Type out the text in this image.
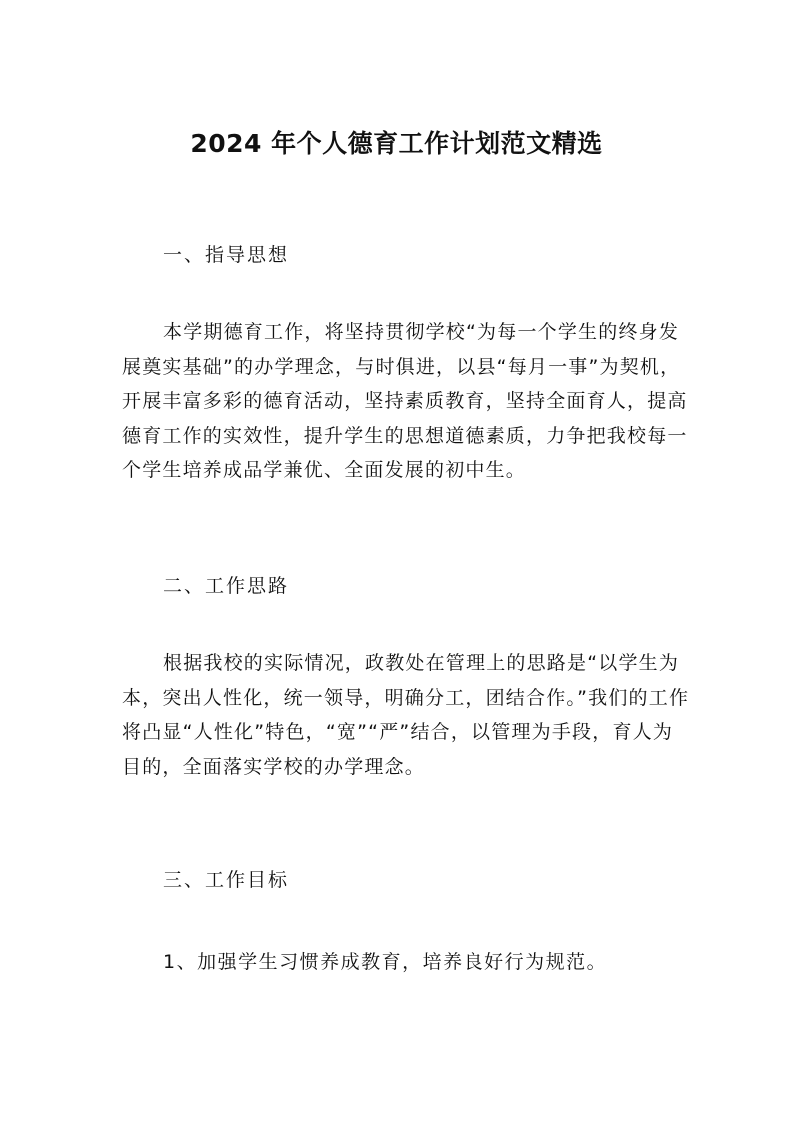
2024 年个人德育工作计划范文精选
一、指导思想

本学期德育工作，将坚持贯彻学校“为每一个学生的终身发展奠实基础”的办学理念，与时俱进，以县“每月一事”为契机，开展丰富多彩的德育活动，坚持素质教育，坚持全面育人，提高德育工作的实效性，提升学生的思想道德素质，力争把我校每一个学生培养成品学兼优、全面发展的初中生。

二、工作思路

根据我校的实际情况，政教处在管理上的思路是“以学生为本，突出人性化，统一领导，明确分工，团结合作。”我们的工作将凸显“人性化”特色，“宽”“严”结合，以管理为手段，育人为目的，全面落实学校的办学理念。

三、工作目标
1、加强学生习惯养成教育，培养良好行为规范。
